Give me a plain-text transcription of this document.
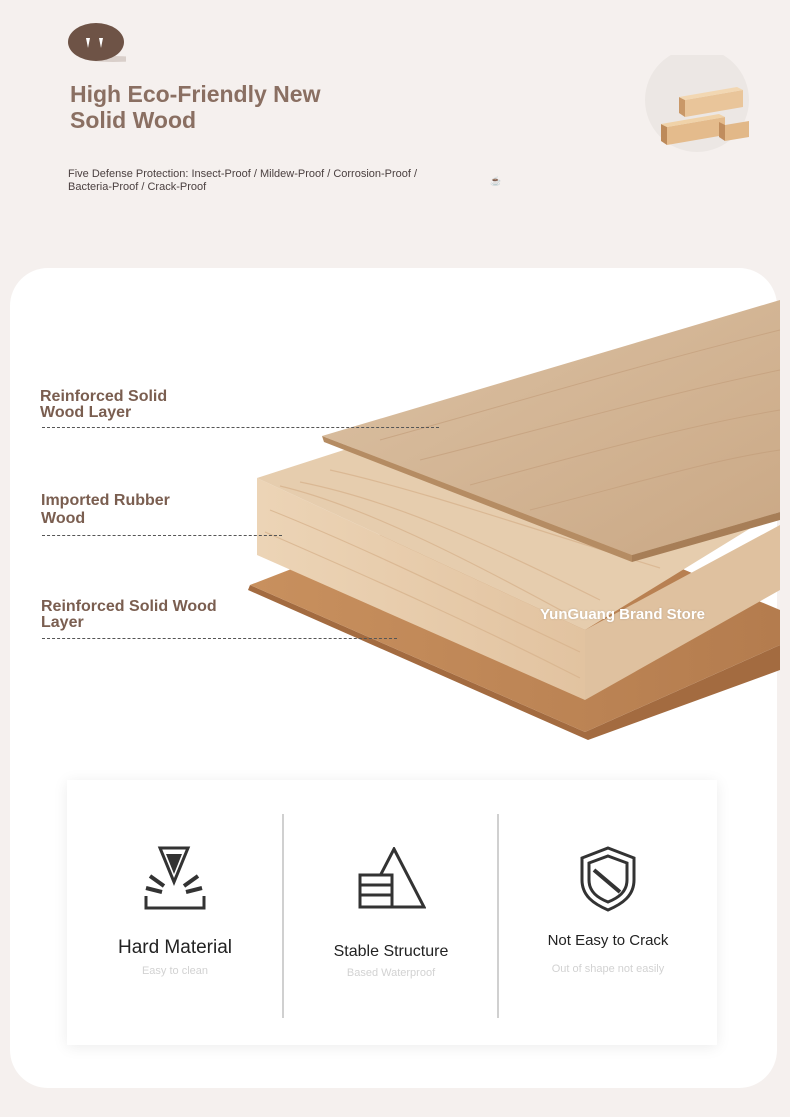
High Eco-Friendly New
Solid Wood
Five Defense Protection: Insect-Proof / Mildew-Proof / Corrosion-Proof /
Bacteria-Proof / Crack-Proof	☕
Reinforced Solid
Wood Layer
Imported Rubber
Wood
Reinforced Solid Wood
Layer	YunGuang Brand Store
Hard Material
Easy to clean
Stable Structure
Based Waterproof
Not Easy to Crack
Out of shape not easily
